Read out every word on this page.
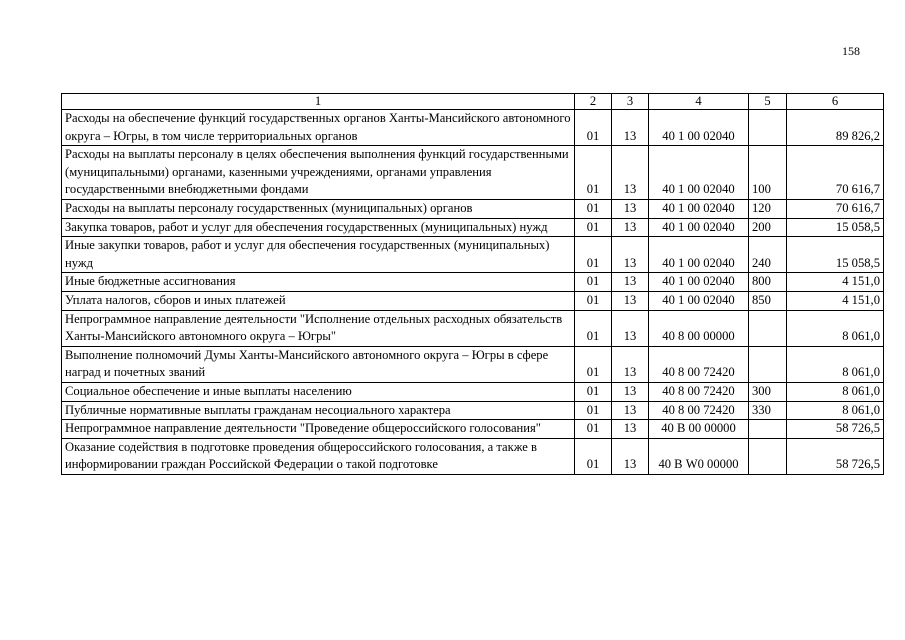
158
1	2	3	4	5	6
Расходы на обеспечение функций государственных органов Ханты-Мансийского автономного округа – Югры, в том числе территориальных органов	01	13	40 1 00 02040		89 826,2
Расходы на выплаты персоналу в целях обеспечения выполнения функций государственными (муниципальными) органами, казенными учреждениями, органами управления государственными внебюджетными фондами	01	13	40 1 00 02040	100	70 616,7
Расходы на выплаты персоналу государственных (муниципальных) органов	01	13	40 1 00 02040	120	70 616,7
Закупка товаров, работ и услуг для обеспечения государственных (муниципальных) нужд	01	13	40 1 00 02040	200	15 058,5
Иные закупки товаров, работ и услуг для обеспечения государственных (муниципальных) нужд	01	13	40 1 00 02040	240	15 058,5
Иные бюджетные ассигнования	01	13	40 1 00 02040	800	4 151,0
Уплата налогов, сборов и иных платежей	01	13	40 1 00 02040	850	4 151,0
Непрограммное направление деятельности "Исполнение отдельных расходных обязательств Ханты-Мансийского автономного округа – Югры"	01	13	40 8 00 00000		8 061,0
Выполнение полномочий Думы Ханты-Мансийского автономного округа – Югры в сфере наград и почетных званий	01	13	40 8 00 72420		8 061,0
Социальное обеспечение и иные выплаты населению	01	13	40 8 00 72420	300	8 061,0
Публичные нормативные выплаты гражданам несоциального характера	01	13	40 8 00 72420	330	8 061,0
Непрограммное направление деятельности "Проведение общероссийского голосования"	01	13	40 В 00 00000		58 726,5
Оказание содействия в подготовке проведения общероссийского голосования, а также в информировании граждан Российской Федерации о такой подготовке	01	13	40 В W0 00000		58 726,5
